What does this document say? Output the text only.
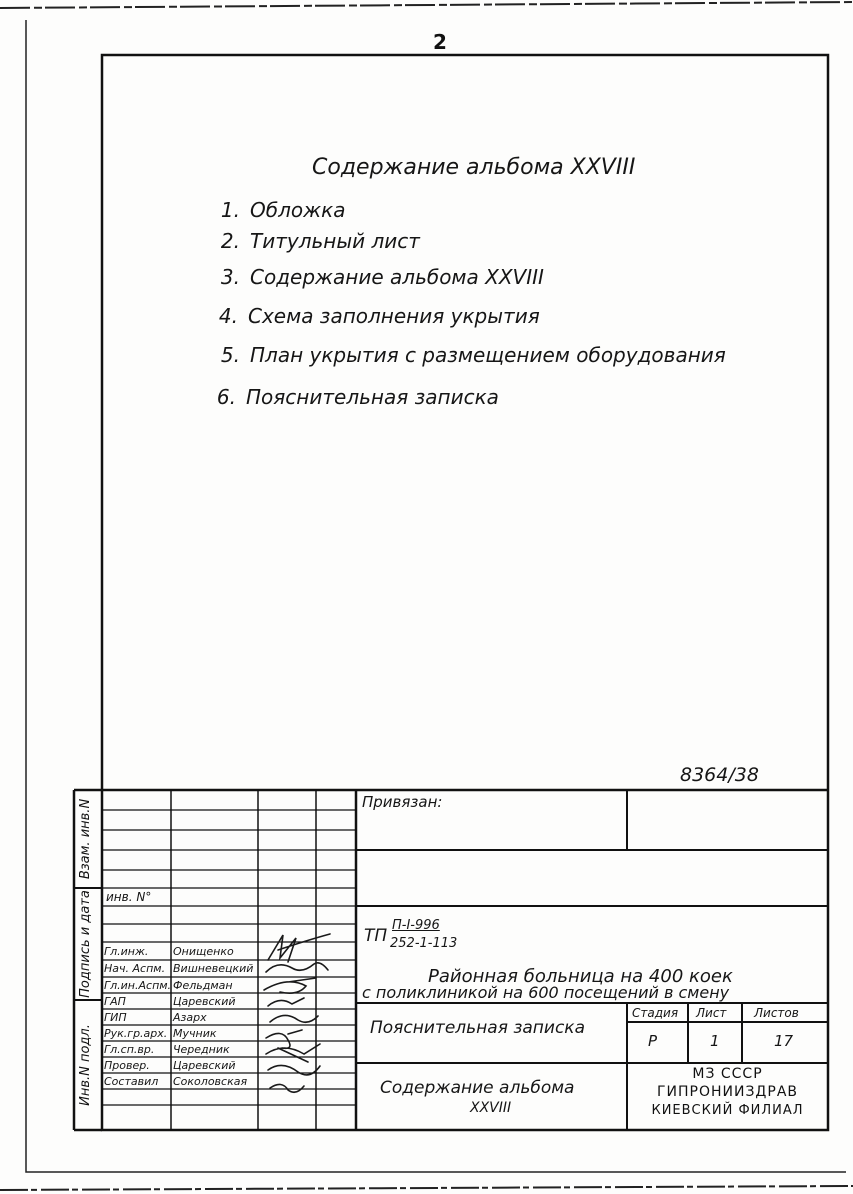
2
Содержание альбома XXVIII
1. Обложка
2. Титульный лист
3. Содержание альбома XXVIII
4. Схема заполнения укрытия
5. План укрытия с размещением оборудования
6. Пояснительная записка
8364/38
Взам. инв.N
Подпись и дата
Инв.N подл.
инв. N°
Гл.инж. Онищенко
Нач. Аспм. Вишневецкий
Гл.ин.Аспм. Фельдман
ГАП	Царевский
ГИП	Азарх
Рук.гр.арх. Мучник
Гл.сп.вр. Чередник
Провер. Царевский
Составил Соколовская
Привязан:
ТП
П-I-996
252-1-113
Районная больница на 400 коек
с поликлиникой на 600 посещений в смену
Пояснительная записка
Содержание альбома
XXVIII
Стадия Лист Листов
Р	1	17
МЗ СССР
ГИПРОНИИЗДРАВ
КИЕВСКИЙ ФИЛИАЛ
